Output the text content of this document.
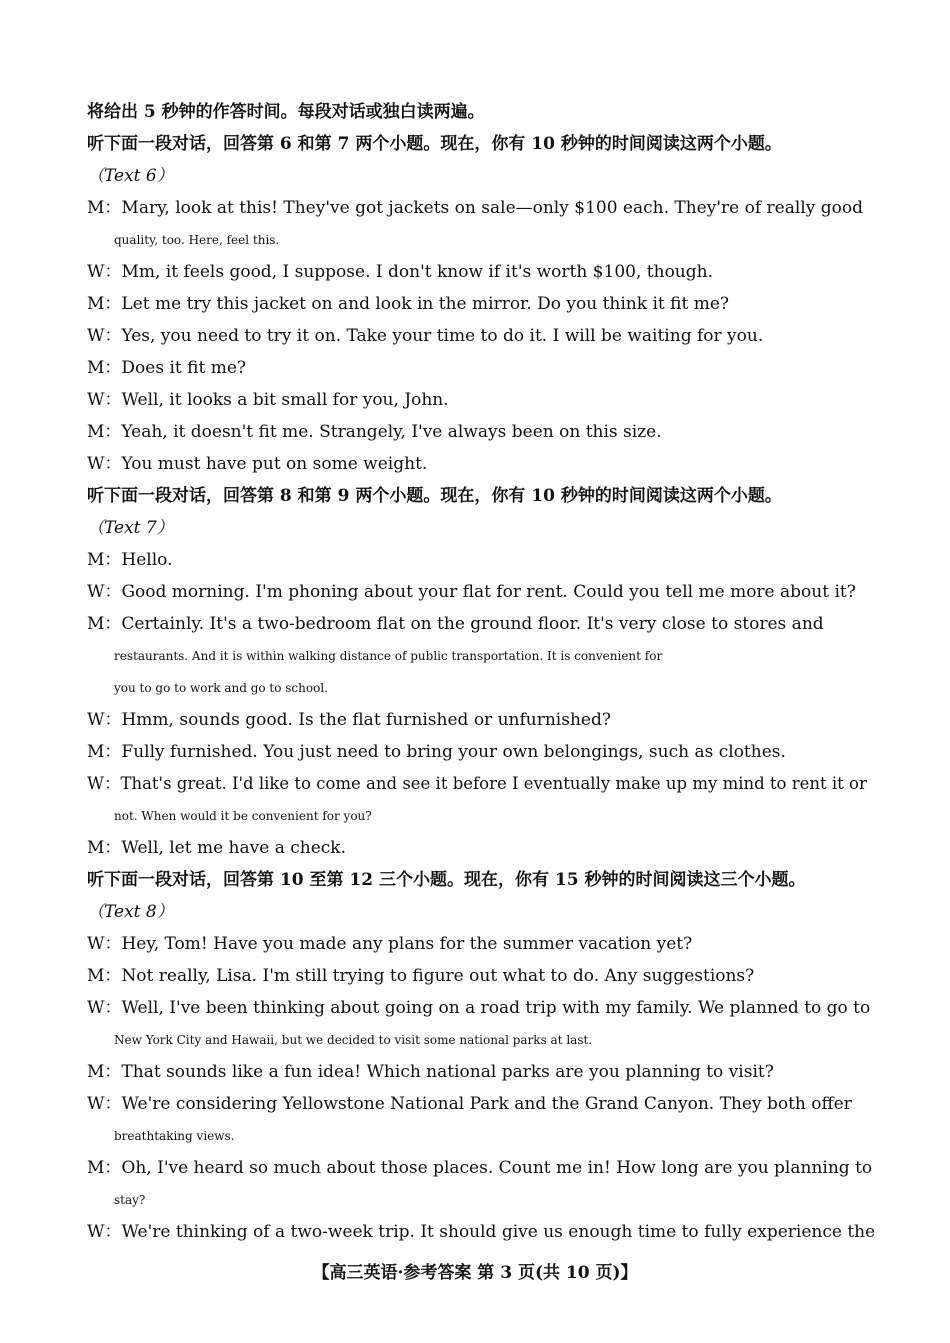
将给出 5 秒钟的作答时间。每段对话或独白读两遍。
听下面一段对话，回答第 6 和第 7 两个小题。现在，你有 10 秒钟的时间阅读这两个小题。
（Text 6）
M：Mary, look at this! They've got jackets on sale—only $100 each. They're of really good
quality, too. Here, feel this.
W：Mm, it feels good, I suppose. I don't know if it's worth $100, though.
M：Let me try this jacket on and look in the mirror. Do you think it fit me?
W：Yes, you need to try it on. Take your time to do it. I will be waiting for you.
M：Does it fit me?
W：Well, it looks a bit small for you, John.
M：Yeah, it doesn't fit me. Strangely, I've always been on this size.
W：You must have put on some weight.
听下面一段对话，回答第 8 和第 9 两个小题。现在，你有 10 秒钟的时间阅读这两个小题。
（Text 7）
M：Hello.
W：Good morning. I'm phoning about your flat for rent. Could you tell me more about it?
M：Certainly. It's a two-bedroom flat on the ground floor. It's very close to stores and
restaurants. And it is within walking distance of public transportation. It is convenient for
you to go to work and go to school.
W：Hmm, sounds good. Is the flat furnished or unfurnished?
M：Fully furnished. You just need to bring your own belongings, such as clothes.
W：That's great. I'd like to come and see it before I eventually make up my mind to rent it or
not. When would it be convenient for you?
M：Well, let me have a check.
听下面一段对话，回答第 10 至第 12 三个小题。现在，你有 15 秒钟的时间阅读这三个小题。
（Text 8）
W：Hey, Tom! Have you made any plans for the summer vacation yet?
M：Not really, Lisa. I'm still trying to figure out what to do. Any suggestions?
W：Well, I've been thinking about going on a road trip with my family. We planned to go to
New York City and Hawaii, but we decided to visit some national parks at last.
M：That sounds like a fun idea! Which national parks are you planning to visit?
W：We're considering Yellowstone National Park and the Grand Canyon. They both offer
breathtaking views.
M：Oh, I've heard so much about those places. Count me in! How long are you planning to
stay?
W：We're thinking of a two-week trip. It should give us enough time to fully experience the
【高三英语·参考答案 第 3 页(共 10 页)】
